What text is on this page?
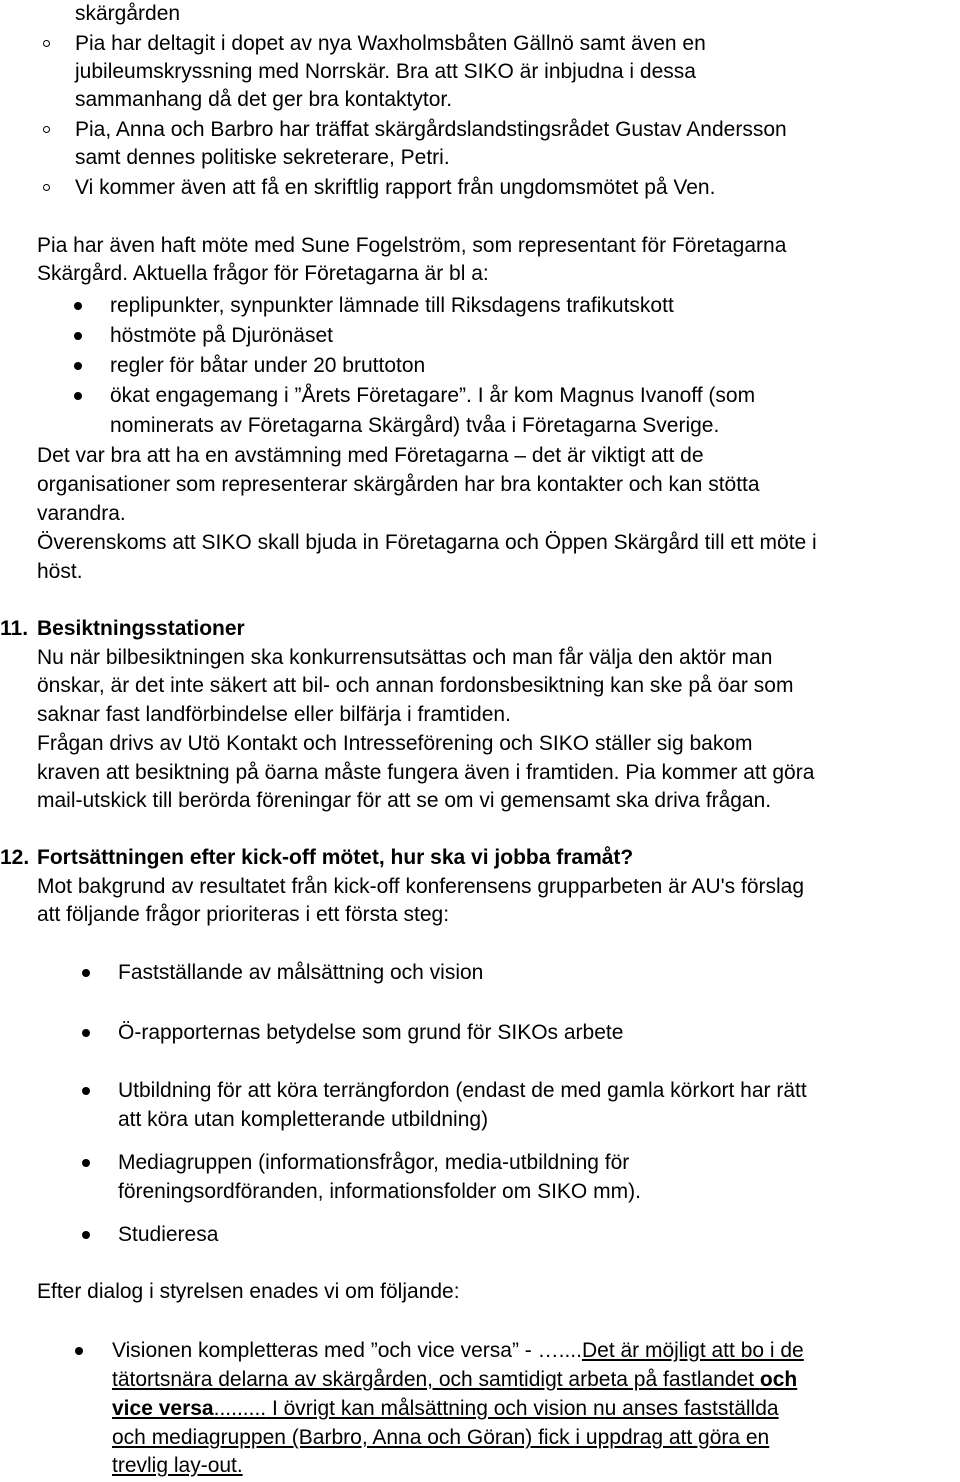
skärgården
Pia har deltagit i dopet av nya Waxholmsbåten Gällnö samt även en
jubileumskryssning med Norrskär. Bra att SIKO är inbjudna i dessa
sammanhang då det ger bra kontaktytor.
Pia, Anna och Barbro har träffat skärgårdslandstingsrådet Gustav Andersson
samt dennes politiske sekreterare, Petri.
Vi kommer även att få en skriftlig rapport från ungdomsmötet på Ven.
Pia har även haft möte med Sune Fogelström, som representant för Företagarna
Skärgård. Aktuella frågor för Företagarna är bl a:
replipunkter, synpunkter lämnade till Riksdagens trafikutskott
höstmöte på Djurönäset
regler för båtar under 20 bruttoton
ökat engagemang i ”Årets Företagare”. I år kom Magnus Ivanoff (som
nominerats av Företagarna Skärgård) tvåa i Företagarna Sverige.
Det var bra att ha en avstämning med Företagarna – det är viktigt att de
organisationer som representerar skärgården har bra kontakter och kan stötta
varandra.
Överenskoms att SIKO skall bjuda in Företagarna och Öppen Skärgård till ett möte i
höst.
11. Besiktningsstationer
Nu när bilbesiktningen ska konkurrensutsättas och man får välja den aktör man
önskar, är det inte säkert att bil- och annan fordonsbesiktning kan ske på öar som
saknar fast landförbindelse eller bilfärja i framtiden.
Frågan drivs av Utö Kontakt och Intresseförening och SIKO ställer sig bakom
kraven att besiktning på öarna måste fungera även i framtiden. Pia kommer att göra
mail-utskick till berörda föreningar för att se om vi gemensamt ska driva frågan.
12. Fortsättningen efter kick-off mötet, hur ska vi jobba framåt?
Mot bakgrund av resultatet från kick-off konferensens grupparbeten är AU's förslag
att följande frågor prioriteras i ett första steg:
Fastställande av målsättning och vision
Ö-rapporternas betydelse som grund för SIKOs arbete
Utbildning för att köra terrängfordon (endast de med gamla körkort har rätt
att köra utan kompletterande utbildning)
Mediagruppen (informationsfrågor, media-utbildning för
föreningsordföranden, informationsfolder om SIKO mm).
Studieresa
Efter dialog i styrelsen enades vi om följande:
Visionen kompletteras med ”och vice versa” - …....Det är möjligt att bo i de
tätortsnära delarna av skärgården, och samtidigt arbeta på fastlandet och
vice versa......... I övrigt kan målsättning och vision nu anses fastställda
och mediagruppen (Barbro, Anna och Göran) fick i uppdrag att göra en
trevlig lay-out.
